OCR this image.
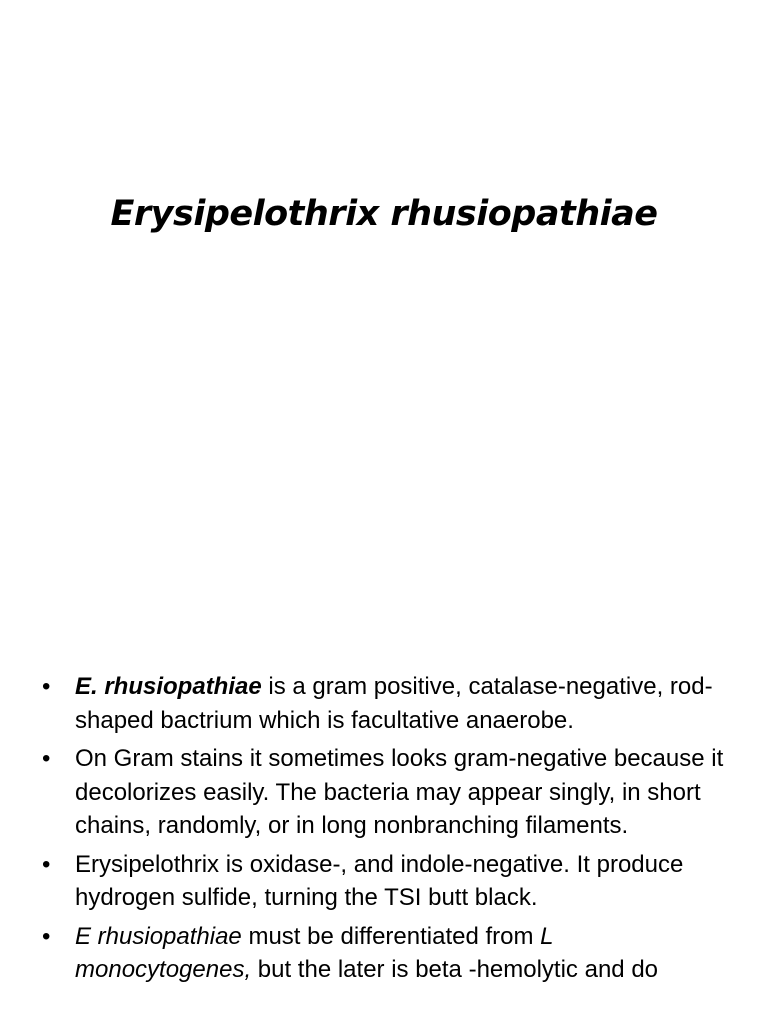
Erysipelothrix rhusiopathiae
• E. rhusiopathiae is a gram positive, catalase-negative, rod-shaped bactrium which is facultative anaerobe.
• On Gram stains it sometimes looks gram-negative because it decolorizes easily. The bacteria may appear singly, in short chains, randomly, or in long nonbranching filaments.
• Erysipelothrix is oxidase-, and indole-negative. It produce hydrogen sulfide, turning the TSI butt black.
• E rhusiopathiae must be differentiated from L monocytogenes, but the later is beta -hemolytic and do
